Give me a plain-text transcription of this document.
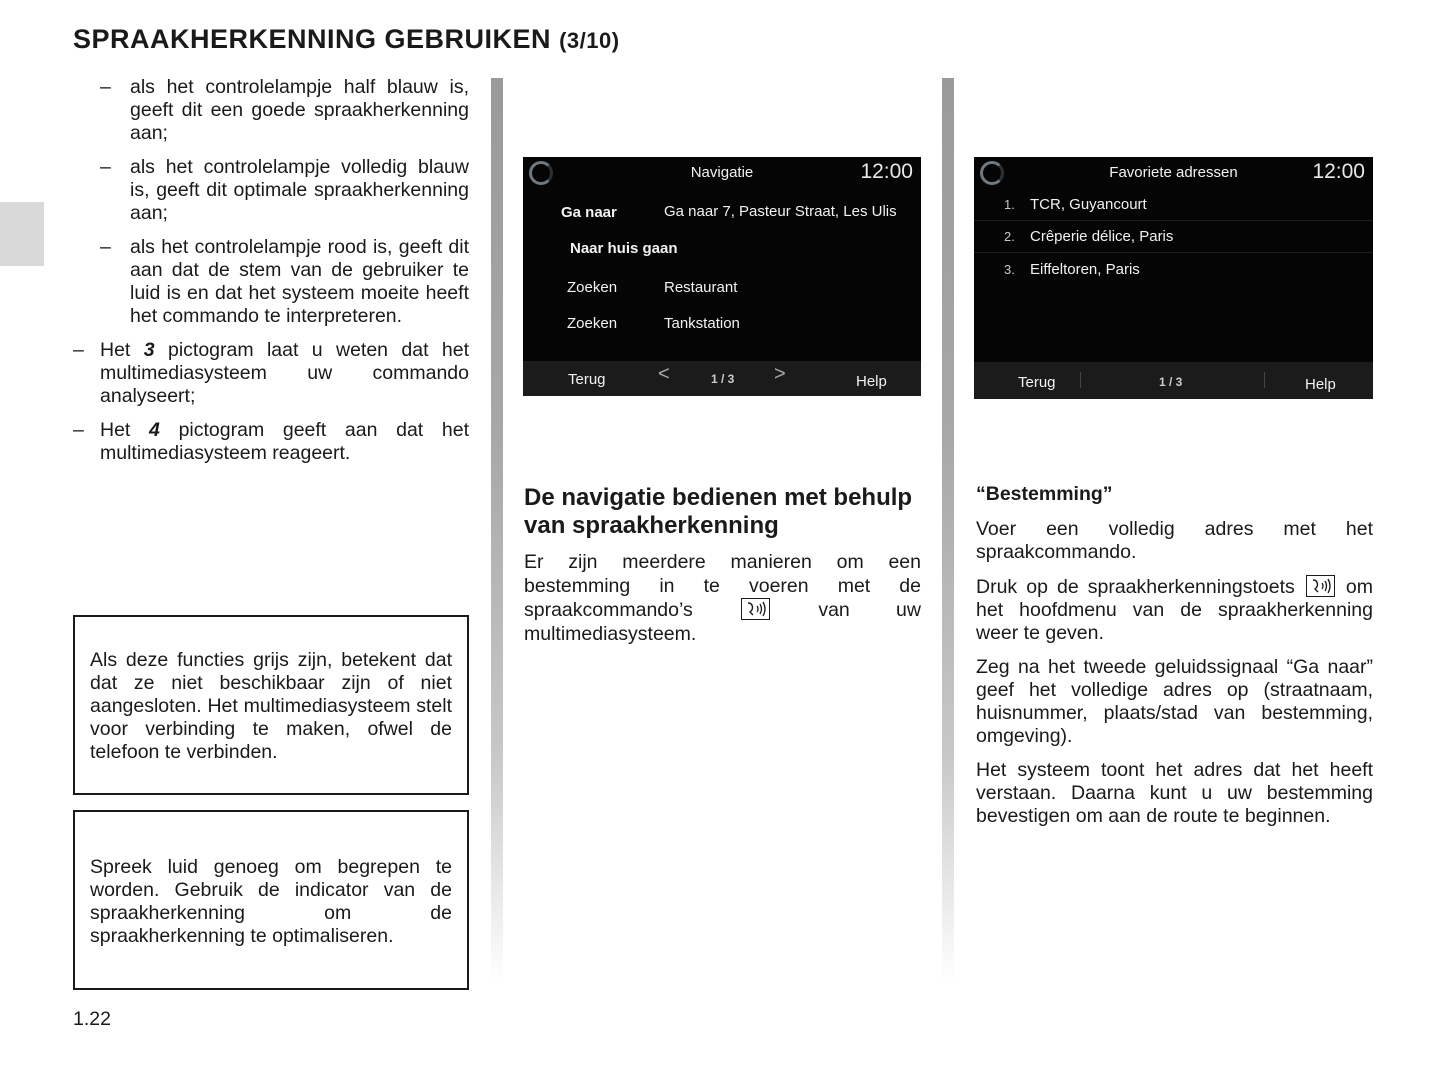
SPRAAKHERKENNING GEBRUIKEN (3/10)
– als het controlelampje half blauw is, geeft dit een goede spraakherkenning aan;
– als het controlelampje volledig blauw is, geeft dit optimale spraakherkenning aan;
– als het controlelampje rood is, geeft dit aan dat de stem van de gebruiker te luid is en dat het systeem moeite heeft het commando te interpreteren.
– Het 3 pictogram laat u weten dat het multimediasysteem uw commando analyseert;
– Het 4 pictogram geeft aan dat het multimediasysteem reageert.
Als deze functies grijs zijn, betekent dat dat ze niet beschikbaar zijn of niet aangesloten. Het multimediasysteem stelt voor verbinding te maken, ofwel de telefoon te verbinden.
Spreek luid genoeg om begrepen te worden. Gebruik de indicator van de spraakherkenning om de spraakherkenning te optimaliseren.
Navigatie	12:00
Ga naar	Ga naar 7, Pasteur Straat, Les Ulis
Naar huis gaan
Zoeken	Restaurant
Zoeken	Tankstation
Terug	<	1 / 3 >	Help
Favoriete adressen	12:00
1. TCR, Guyancourt
2. Crêperie délice, Paris
3. Eiffeltoren, Paris
Terug	1 / 3	Help
De navigatie bedienen met behulp van spraakherkenning
Er zijn meerdere manieren om een bestemming in te voeren met de spraakcommando’s	van uw multimediasysteem.
“Bestemming”

Voer een volledig adres met het spraakcommando.

Druk op de spraakherkenningstoets	om het hoofdmenu van de spraakherkenning weer te geven.

Zeg na het tweede geluidssignaal “Ga naar” geef het volledige adres op (straatnaam, huisnummer, plaats/stad van bestemming, omgeving).

Het systeem toont het adres dat het heeft verstaan. Daarna kunt u uw bestemming bevestigen om aan de route te beginnen.

1.22
